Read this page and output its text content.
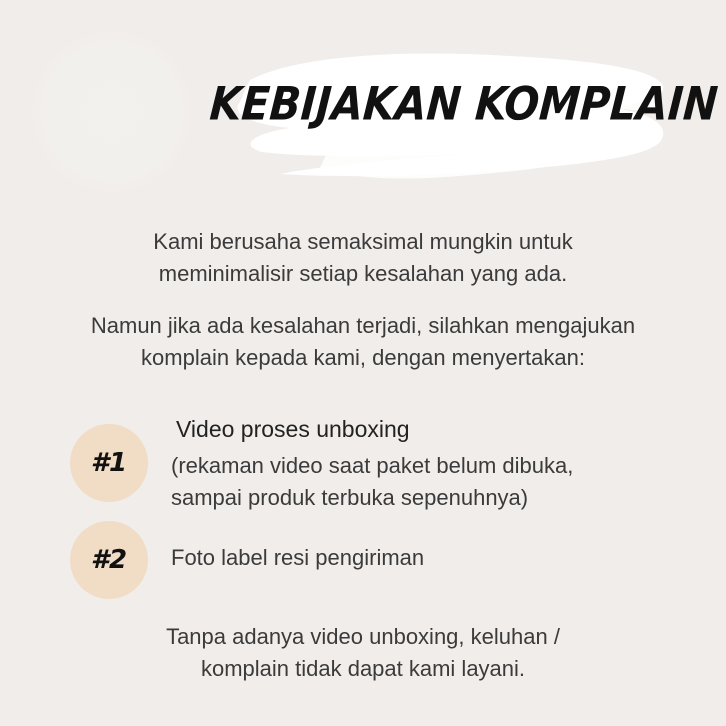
KEBIJAKAN KOMPLAIN

Kami berusaha semaksimal mungkin untuk
meminimalisir setiap kesalahan yang ada.

Namun jika ada kesalahan terjadi, silahkan mengajukan
komplain kepada kami, dengan menyertakan:

#1

Video proses unboxing

(rekaman video saat paket belum dibuka,
sampai produk terbuka sepenuhnya)

#2	Foto label resi pengiriman

Tanpa adanya video unboxing, keluhan /
komplain tidak dapat kami layani.
